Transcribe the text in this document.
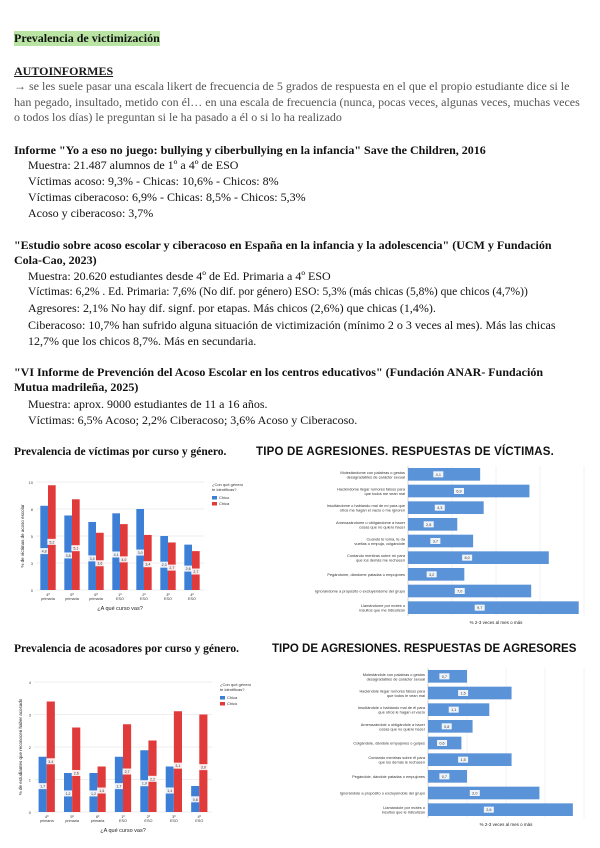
Prevalencia de victimización
AUTOINFORMES
→ se les suele pasar una escala likert de frecuencia de 5 grados de respuesta en el que el propio estudiante dice si le han pegado, insultado, metido con él… en una escala de frecuencia (nunca, pocas veces, algunas veces, muchas veces o todos los días) le preguntan si le ha pasado a él o si lo ha realizado
Informe "Yo a eso no juego: bullying y ciberbullying en la infancia" Save the Children, 2016
Muestra: 21.487 alumnos de 1º a 4º de ESO
Víctimas acoso: 9,3% - Chicas: 10,6% - Chicos: 8%
Víctimas ciberacoso: 6,9% - Chicas: 8,5% - Chicos: 5,3%
Acoso y ciberacoso: 3,7%
"Estudio sobre acoso escolar y ciberacoso en España en la infancia y la adolescencia" (UCM y Fundación Cola-Cao, 2023)
Muestra: 20.620 estudiantes desde 4º de Ed. Primaria a 4º ESO
Víctimas: 6,2% . Ed. Primaria: 7,6% (No dif. por género) ESO: 5,3% (más chicas (5,8%) que chicos (4,7%))
Agresores: 2,1% No hay dif. signf. por etapas. Más chicos (2,6%) que chicas (1,4%).
Ciberacoso: 10,7% han sufrido alguna situación de victimización (mínimo 2 o 3 veces al mes). Más las chicas 12,7% que los chicos 8,7%. Más en secundaria.
"VI Informe de Prevención del Acoso Escolar en los centros educativos" (Fundación ANAR- Fundación Mutua madrileña, 2025)
Muestra: aprox. 9000 estudiantes de 11 a 16 años.
Víctimas: 6,5% Acoso; 2,2% Ciberacoso; 3,6% Acoso y Ciberacoso.
Prevalencia de víctimas por curso y género.	TIPO DE AGRESIONES. RESPUESTAS DE VÍCTIMAS.
Prevalencia de acosadores por curso y género.	TIPO DE AGRESIONES. RESPUESTAS DE AGRESORES
0
3
5
8
10
4,8
3,8
3,4
4,1	3,0
2,3
2,6
5,2
5,1
3,6
4,0
3,4
2,7
2,7
4º
primaria
5º
primaria
6º
primaria
1º
ESO
2º
ESO
3º
ESO
4º
ESO
¿A qué curso vas?
% de víctimas de acoso escolar
¿Con qué género
te identificas?
Chico
Chica
4,1
Molestándome con palabras o gestos
desagradables de carácter sexual
6,9
Haciéndome llegar rumores falsos para
que todos me vean mal
4,3
Insultándome o hablando mal de mí para que
otros me hagan el vacío o me ignoren
2,8
Amenazándome u obligándome a hacer
cosas que no quiero hacer
3,7
Cuando te toma, te da
vueltas o empuja, colgándote
8,0
Contando mentiras sobre mí para
que los demás me rechacen
3,2
Pegándome, dándome patadas o empujones
7,0
Ignorándome a propósito o excluyéndome del grupo
9,7
Llamándome por motes o
insultos que me ridiculizan
% 2-3 veces al mes o más
0
1
2
3
4
1,7
1,2	1,2
1,7
1,9
1,4
0,8
3,4
2,6
1,4
2,7
2,2
3,1	3,0
4º
primaria
5º
primaria
6º
primaria
1º
ESO
2º
ESO
3º
ESO
4º
ESO
¿A qué curso vas?
% de estudiantes que reconocen haber acosado
¿Con qué género
te identificas?
Chica
Chico
0,7
Molestándole con palabras o gestos
desagradables de carácter sexual
1,5
Haciéndole llegar rumores falsos para
que todos le vean mal
1,1
Insultándole o hablando mal de él para
que otros le hagan el vacío
0,8
Amenazándole u obligándole a hacer
cosas que no quiere hacer
0,6
Colgándole, dándole empujones o golpes
1,5
Contando mentiras sobre él para
que los demás le rechacen
0,7
Pegándole, dándole patadas o empujones
2,0
Ignorándole a propósito o excluyéndole del grupo
2,6
Llamándole por motes o
insultos que le ridiculizan
% 2-3 veces al mes o más
